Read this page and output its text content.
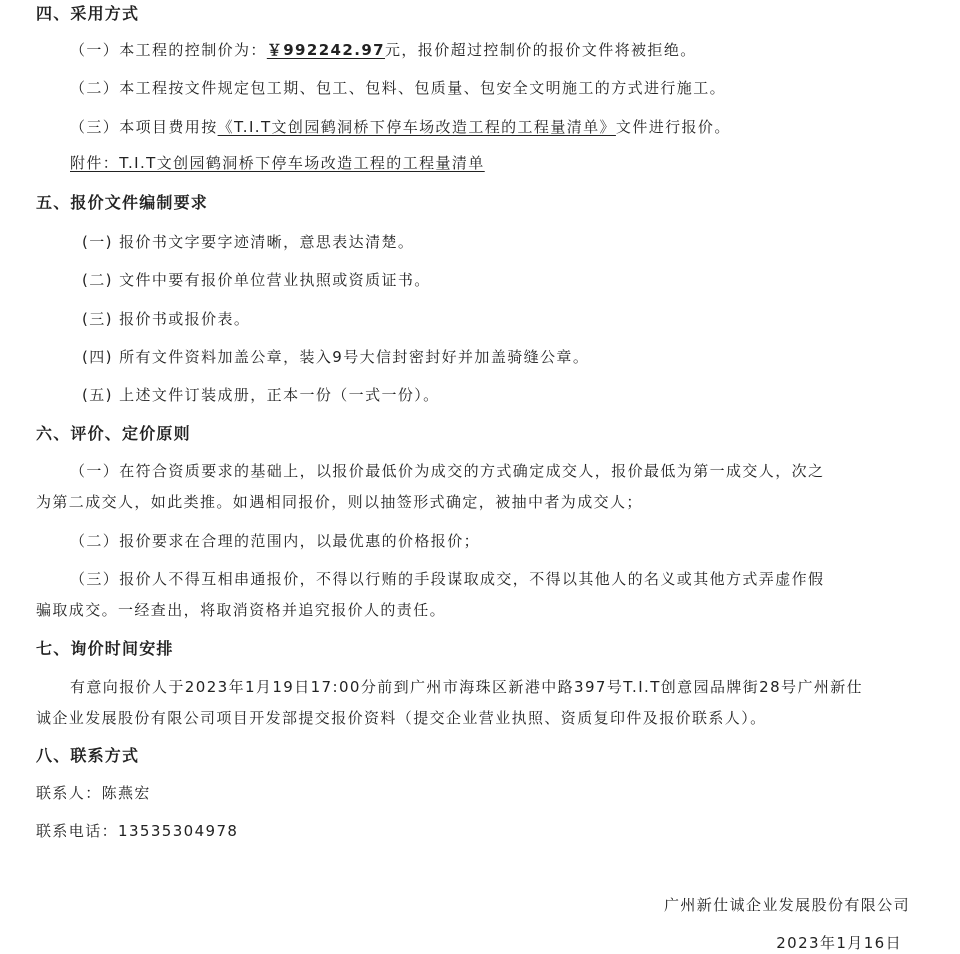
四、采用方式
（一）本工程的控制价为：￥992242.97元，报价超过控制价的报价文件将被拒绝。
（二）本工程按文件规定包工期、包工、包料、包质量、包安全文明施工的方式进行施工。
（三）本项目费用按《T.I.T文创园鹤洞桥下停车场改造工程的工程量清单》文件进行报价。
附件：T.I.T文创园鹤洞桥下停车场改造工程的工程量清单
五、报价文件编制要求
(一) 报价书文字要字迹清晰，意思表达清楚。
(二) 文件中要有报价单位营业执照或资质证书。
(三) 报价书或报价表。
(四) 所有文件资料加盖公章，装入9号大信封密封好并加盖骑缝公章。
(五) 上述文件订装成册，正本一份（一式一份）。
六、评价、定价原则
（一）在符合资质要求的基础上，以报价最低价为成交的方式确定成交人，报价最低为第一成交人，次之
为第二成交人，如此类推。如遇相同报价，则以抽签形式确定，被抽中者为成交人；
（二）报价要求在合理的范围内，以最优惠的价格报价；
（三）报价人不得互相串通报价，不得以行贿的手段谋取成交，不得以其他人的名义或其他方式弄虚作假
骗取成交。一经查出，将取消资格并追究报价人的责任。
七、询价时间安排
有意向报价人于2023年1月19日17:00分前到广州市海珠区新港中路397号T.I.T创意园品牌街28号广州新仕
诚企业发展股份有限公司项目开发部提交报价资料（提交企业营业执照、资质复印件及报价联系人）。
八、联系方式
联系人：陈燕宏
联系电话：13535304978
广州新仕诚企业发展股份有限公司
2023年1月16日
